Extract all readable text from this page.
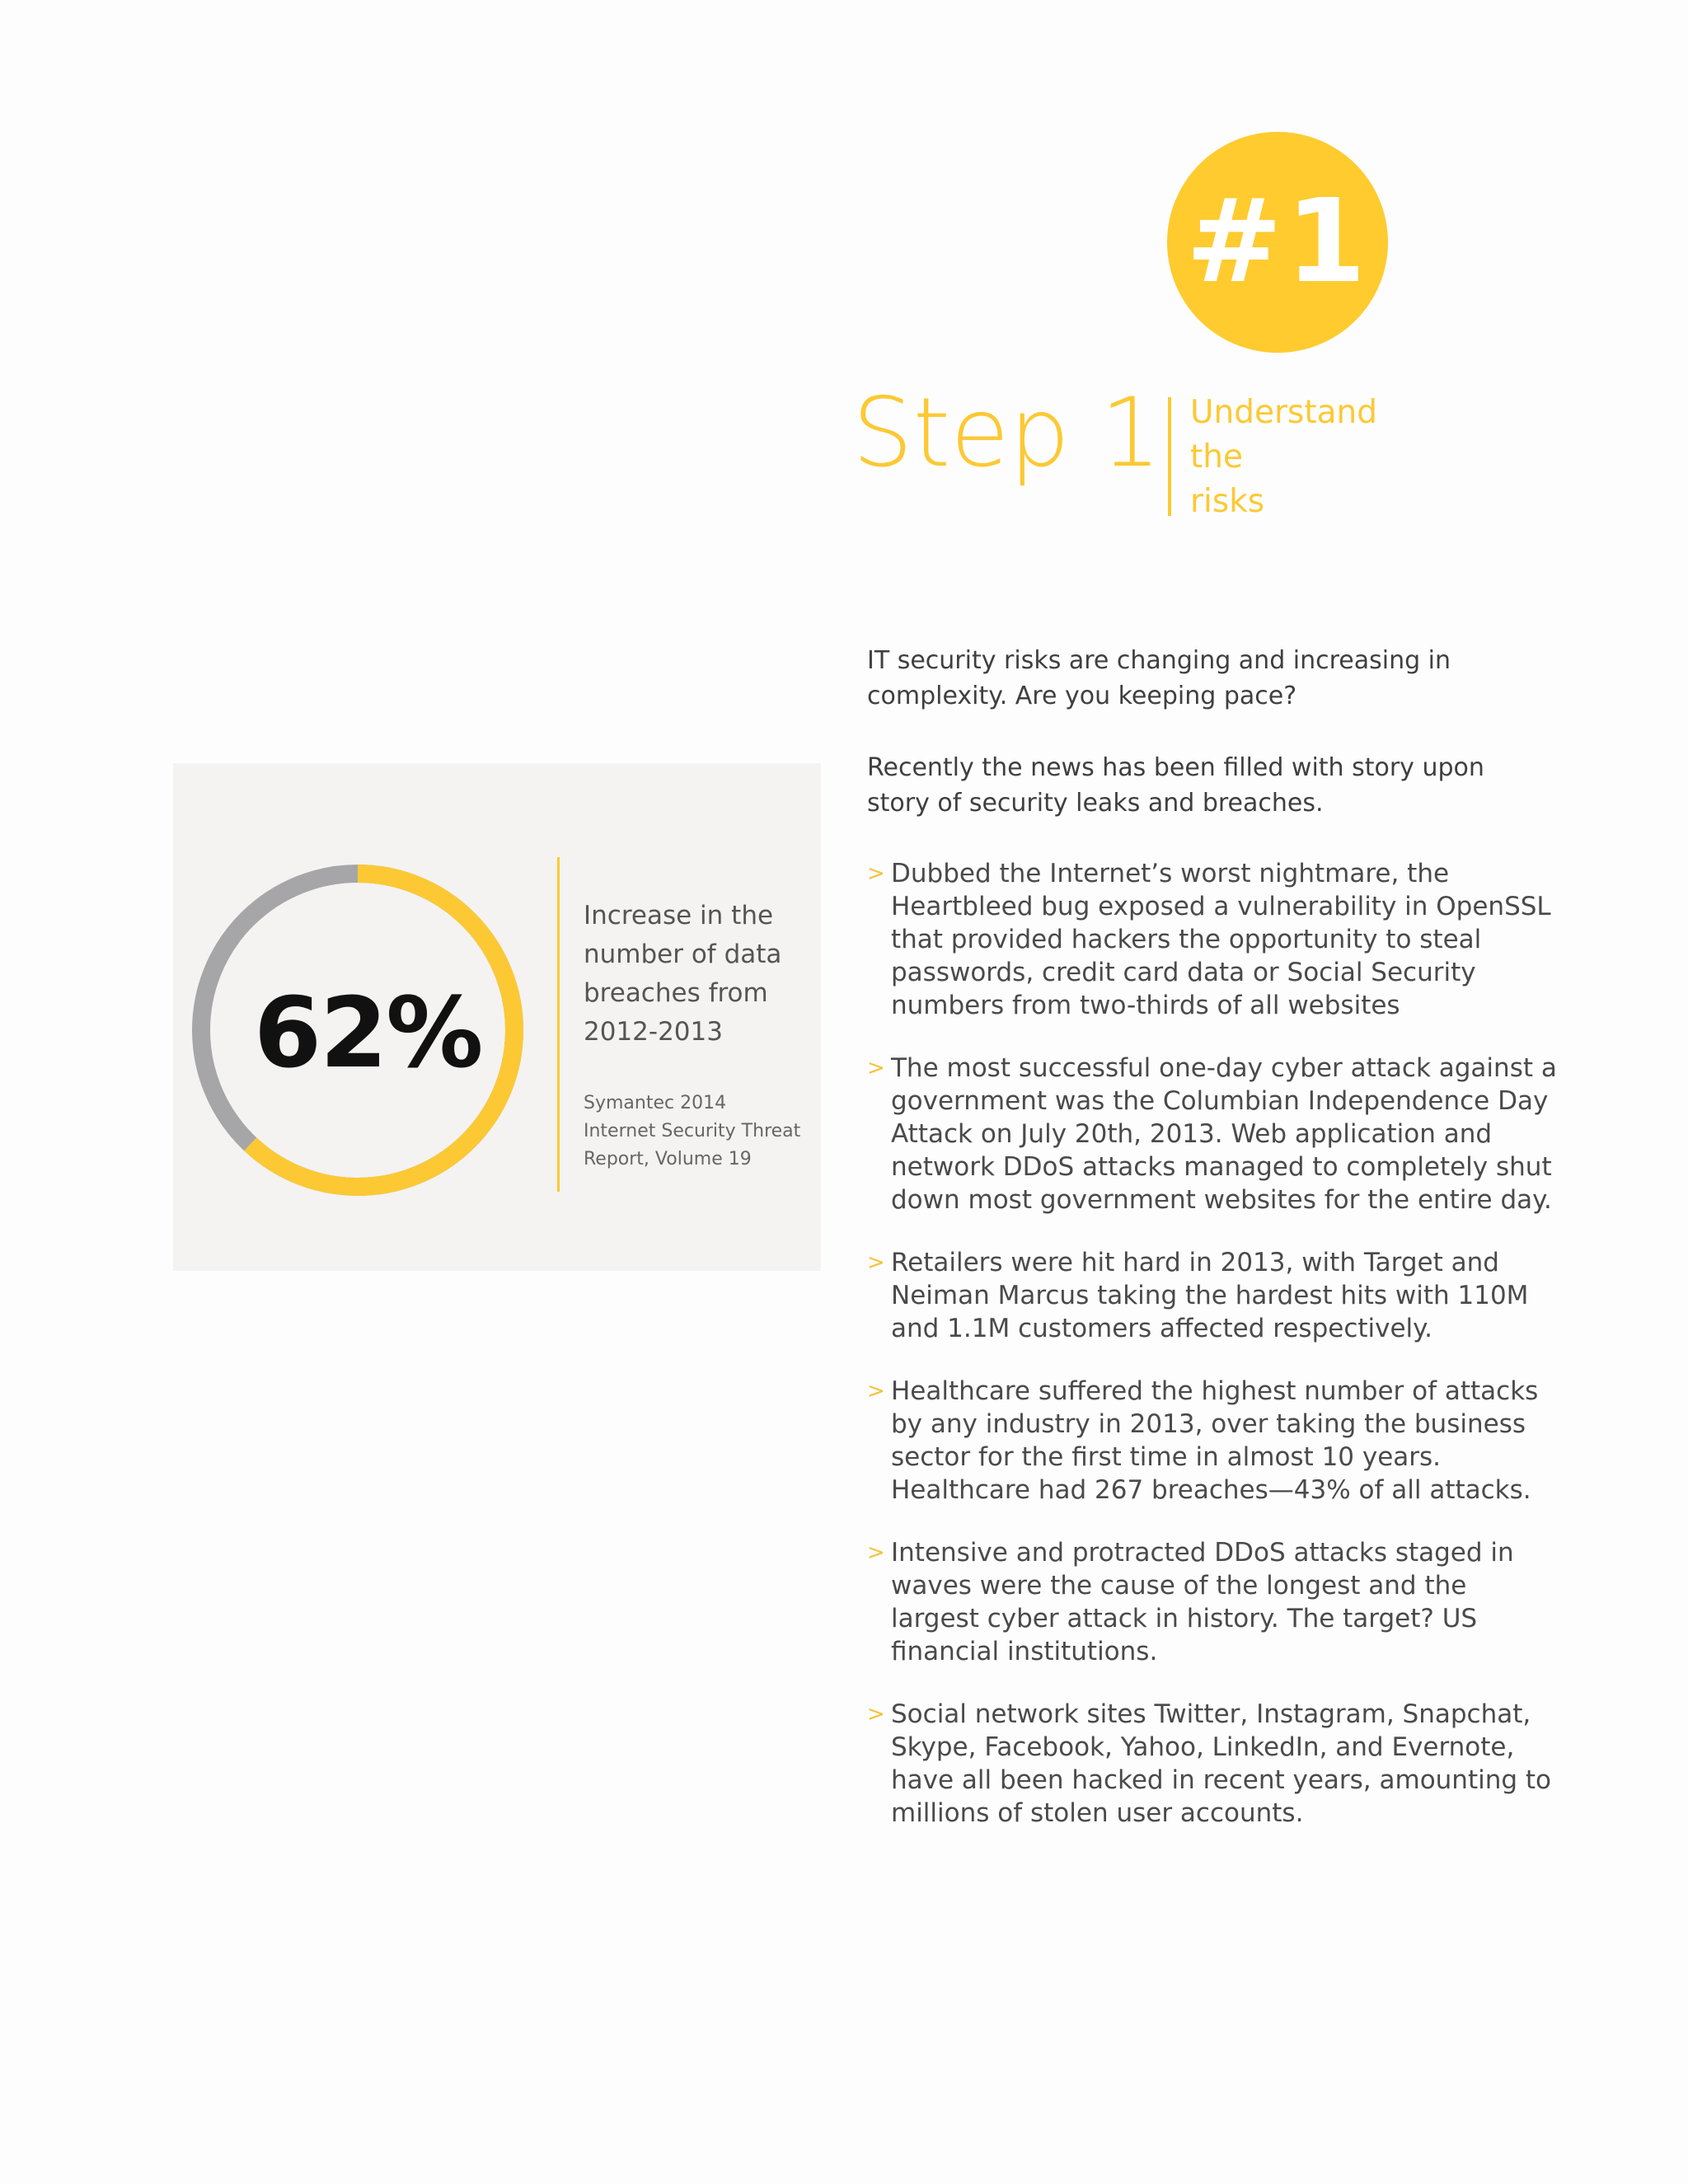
#1
Step 1 Understand
the
risks

IT security risks are changing and increasing in complexity. Are you keeping pace?

Recently the news has been filled with story upon story of security leaks and breaches.

> Dubbed the Internet’s worst nightmare, the Heartbleed bug exposed a vulnerability in OpenSSL that provided hackers the opportunity to steal passwords, credit card data or Social Security numbers from two-thirds of all websites
> The most successful one-day cyber attack against a government was the Columbian Independence Day Attack on July 20th, 2013. Web application and network DDoS attacks managed to completely shut down most government websites for the entire day.
> Retailers were hit hard in 2013, with Target and Neiman Marcus taking the hardest hits with 110M and 1.1M customers affected respectively.
> Healthcare suffered the highest number of attacks by any industry in 2013, over taking the business sector for the first time in almost 10 years. Healthcare had 267 breaches—43% of all attacks.
> Intensive and protracted DDoS attacks staged in waves were the cause of the longest and the largest cyber attack in history. The target? US financial institutions.
> Social network sites Twitter, Instagram, Snapchat, Skype, Facebook, Yahoo, LinkedIn, and Evernote, have all been hacked in recent years, amounting to millions of stolen user accounts.
62%
Increase in the number of data breaches from 2012-2013
Symantec 2014
Internet Security Threat
Report, Volume 19
